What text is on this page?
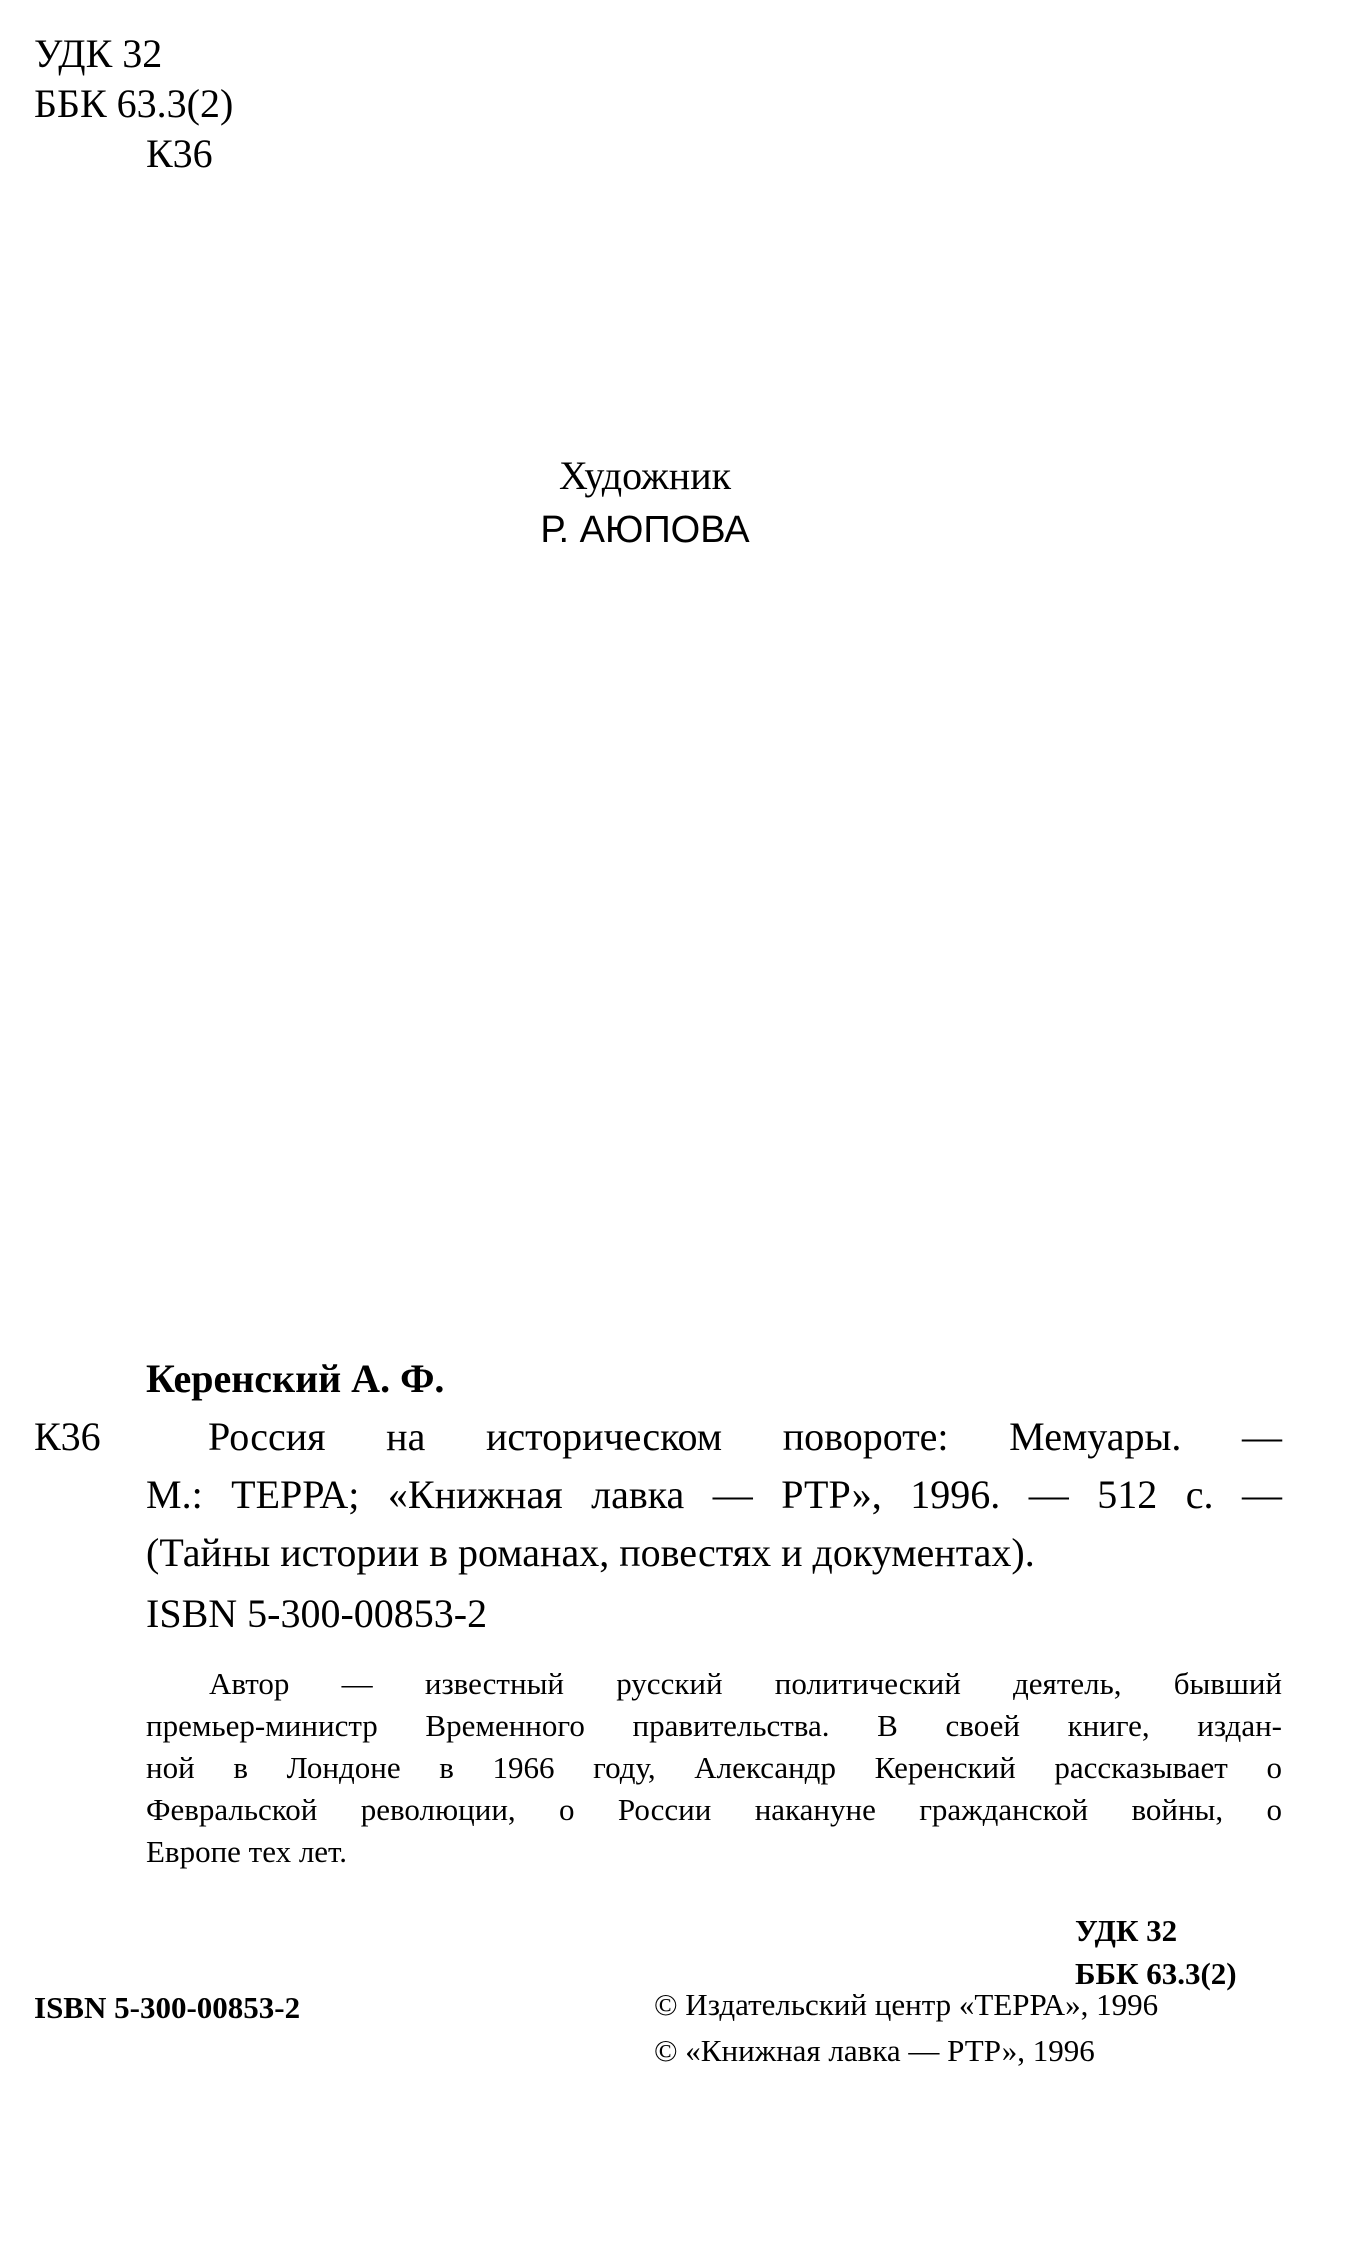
УДК 32
ББК 63.3(2)
К36
Художник
Р. АЮПОВА
Керенский А. Ф.
К36	Россия на историческом повороте: Мемуары. —
М.: ТЕРРА; «Книжная лавка — РТР», 1996. — 512 с. —
(Тайны истории в романах, повестях и документах).
ISBN 5-300-00853-2
Автор — известный русский политический деятель, бывший
премьер-министр Временного правительства. В своей книге, издан-
ной в Лондоне в 1966 году, Александр Керенский рассказывает о
Февральской революции, о России накануне гражданской войны, о
Европе тех лет.
УДК 32
ББК 63.3(2)
ISBN 5-300-00853-2	© Издательский центр «ТЕРРА», 1996
© «Книжная лавка — РТР», 1996
